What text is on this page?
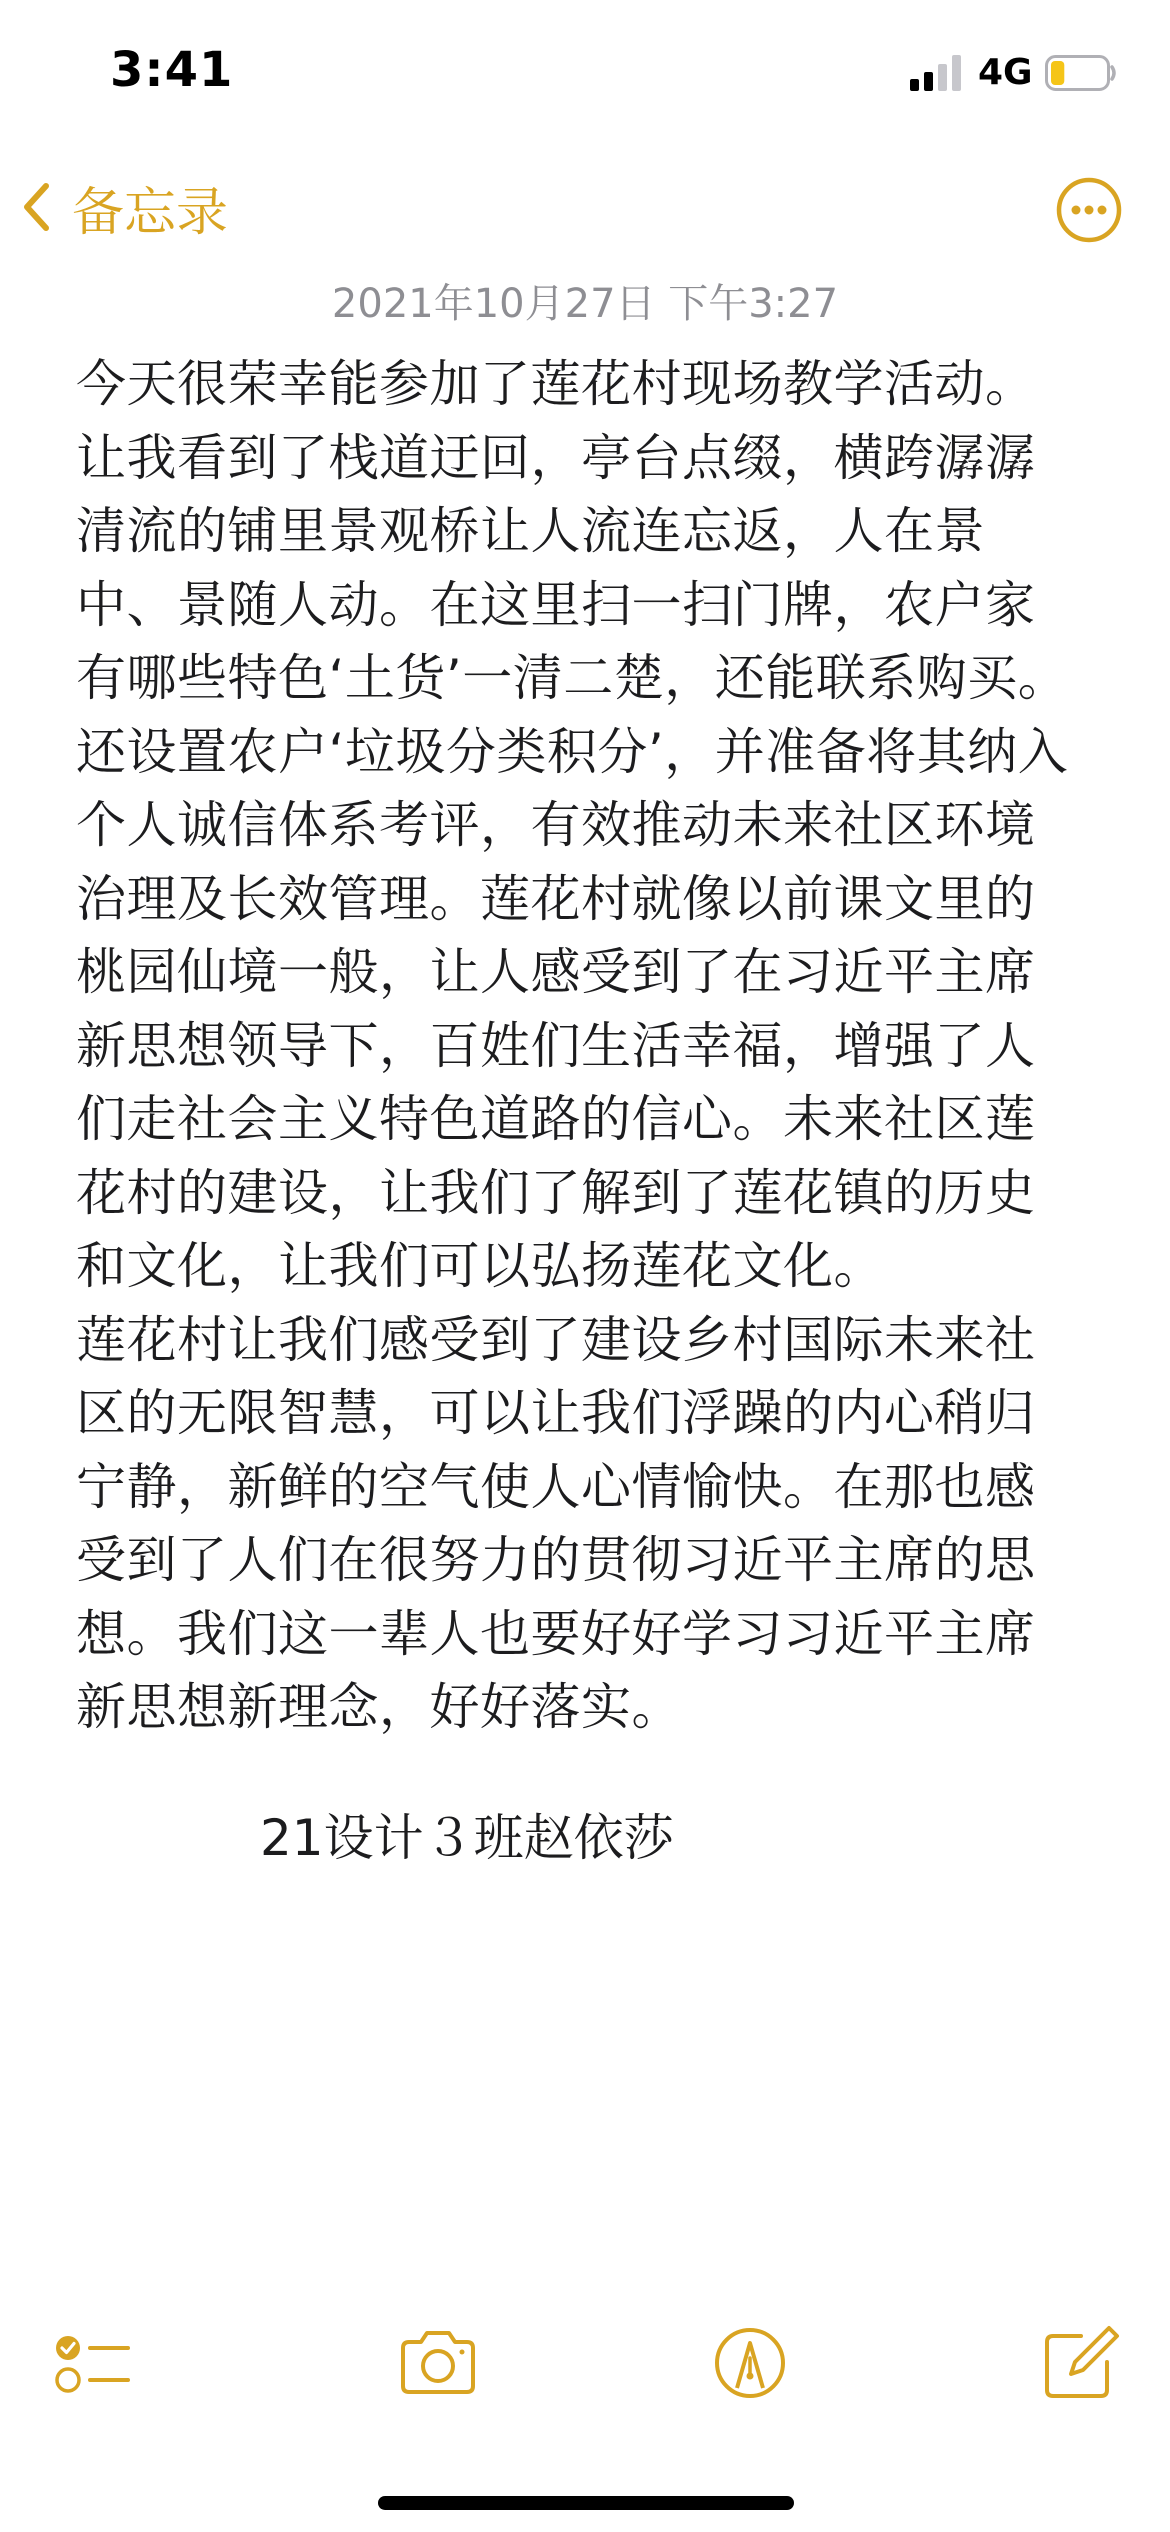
3:41	4G
备忘录
2021年10月27日 下午3:27
今天很荣幸能参加了莲花村现场教学活动。
让我看到了栈道迂回，亭台点缀，横跨潺潺
清流的铺里景观桥让人流连忘返，人在景
中、景随人动。在这里扫一扫门牌，农户家
有哪些特色‘土货’一清二楚，还能联系购买。
还设置农户‘垃圾分类积分’，并准备将其纳入
个人诚信体系考评，有效推动未来社区环境
治理及长效管理。莲花村就像以前课文里的
桃园仙境一般，让人感受到了在习近平主席
新思想领导下，百姓们生活幸福，增强了人
们走社会主义特色道路的信心。未来社区莲
花村的建设，让我们了解到了莲花镇的历史
和文化，让我们可以弘扬莲花文化。
莲花村让我们感受到了建设乡村国际未来社
区的无限智慧，可以让我们浮躁的内心稍归
宁静，新鲜的空气使人心情愉快。在那也感
受到了人们在很努力的贯彻习近平主席的思
想。我们这一辈人也要好好学习习近平主席
新思想新理念，好好落实。
21设计３班赵依莎
